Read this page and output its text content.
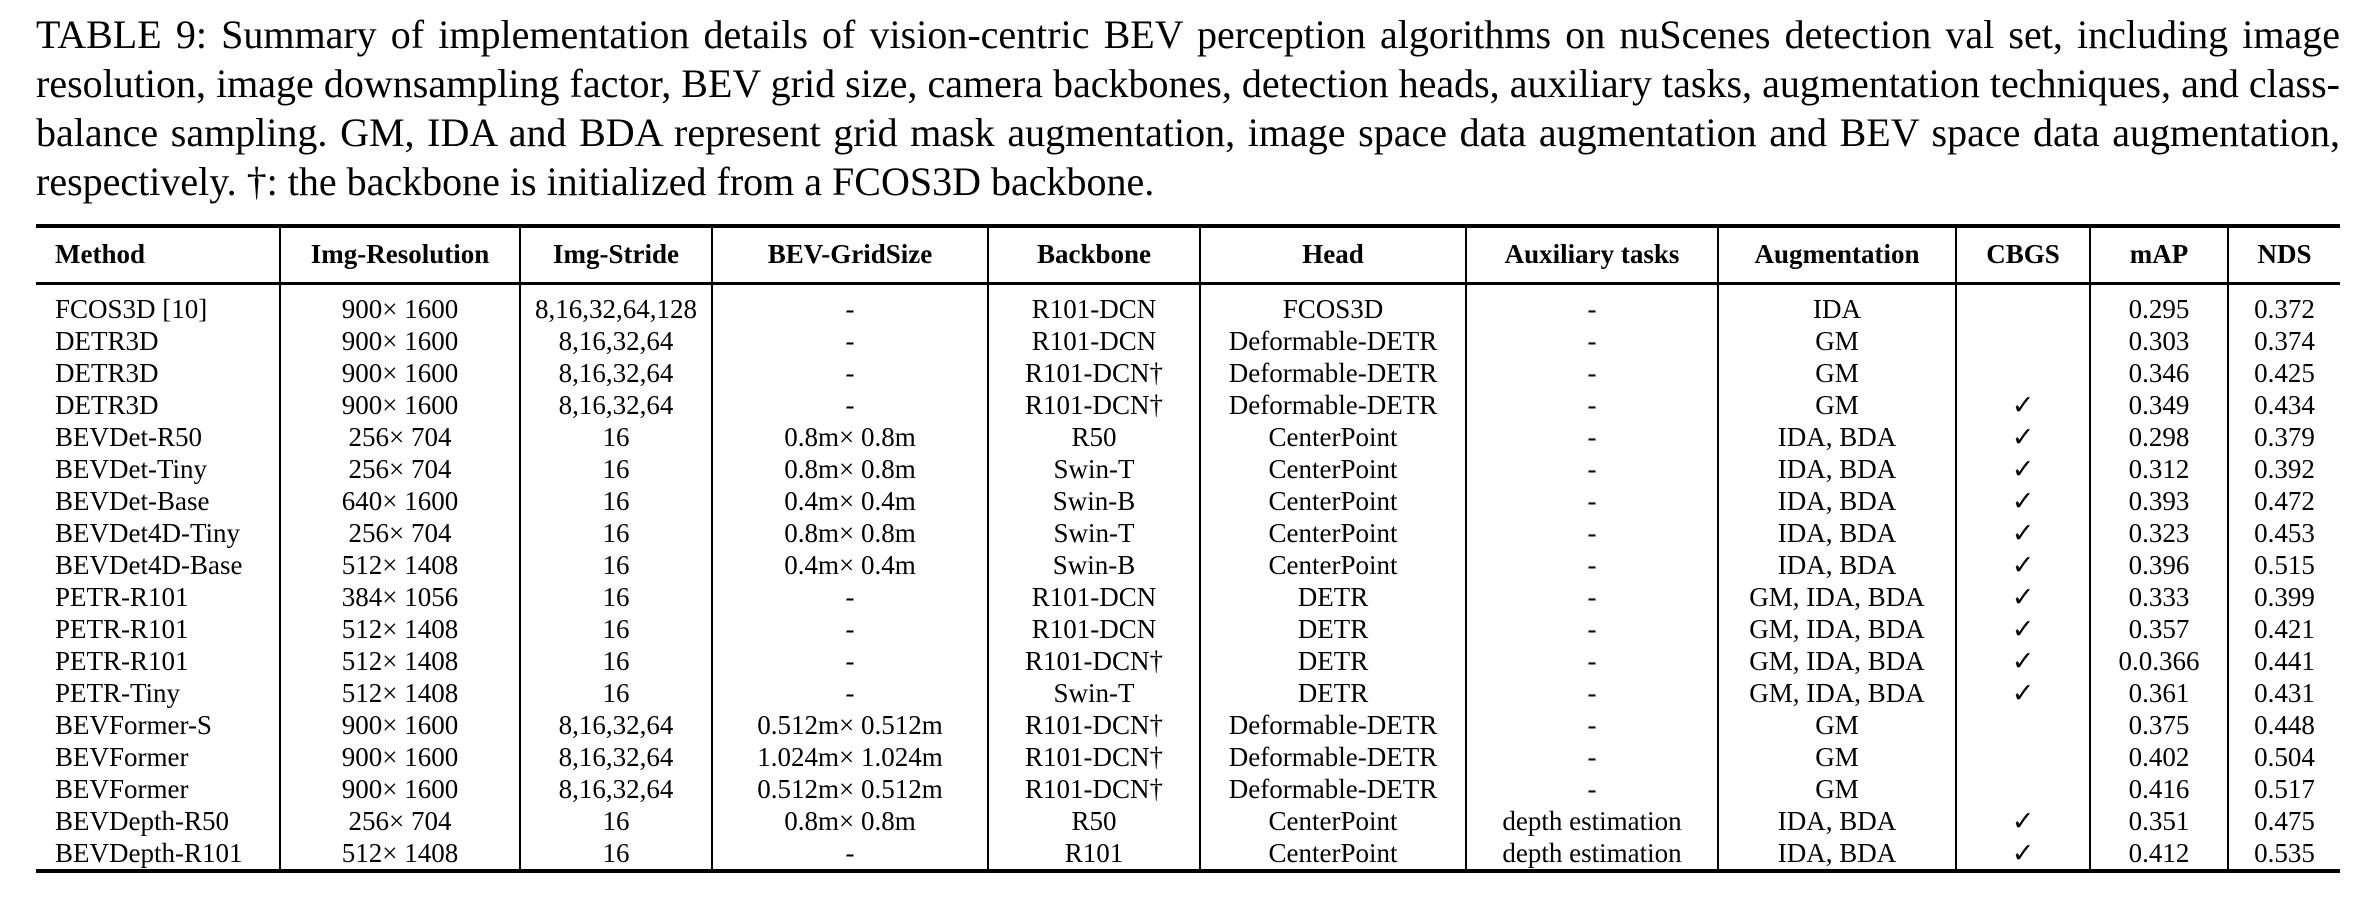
TABLE 9: Summary of implementation details of vision-centric BEV perception algorithms on nuScenes detection val set, including image resolution, image downsampling factor, BEV grid size, camera backbones, detection heads, auxiliary tasks, augmentation techniques, and class-balance sampling. GM, IDA and BDA represent grid mask augmentation, image space data augmentation and BEV space data augmentation, respectively. †: the backbone is initialized from a FCOS3D backbone.

Method	Img-Resolution	Img-Stride	BEV-GridSize	Backbone	Head	Auxiliary tasks	Augmentation	CBGS	mAP	NDS
FCOS3D [10]	900× 1600	8,16,32,64,128	-	R101-DCN	FCOS3D	-	IDA		0.295	0.372
DETR3D	900× 1600	8,16,32,64	-	R101-DCN	Deformable-DETR	-	GM		0.303	0.374
DETR3D	900× 1600	8,16,32,64	-	R101-DCN†	Deformable-DETR	-	GM		0.346	0.425
DETR3D	900× 1600	8,16,32,64	-	R101-DCN†	Deformable-DETR	-	GM	✓	0.349	0.434
BEVDet-R50	256× 704	16	0.8m× 0.8m	R50	CenterPoint	-	IDA, BDA	✓	0.298	0.379
BEVDet-Tiny	256× 704	16	0.8m× 0.8m	Swin-T	CenterPoint	-	IDA, BDA	✓	0.312	0.392
BEVDet-Base	640× 1600	16	0.4m× 0.4m	Swin-B	CenterPoint	-	IDA, BDA	✓	0.393	0.472
BEVDet4D-Tiny	256× 704	16	0.8m× 0.8m	Swin-T	CenterPoint	-	IDA, BDA	✓	0.323	0.453
BEVDet4D-Base	512× 1408	16	0.4m× 0.4m	Swin-B	CenterPoint	-	IDA, BDA	✓	0.396	0.515
PETR-R101	384× 1056	16	-	R101-DCN	DETR	-	GM, IDA, BDA	✓	0.333	0.399
PETR-R101	512× 1408	16	-	R101-DCN	DETR	-	GM, IDA, BDA	✓	0.357	0.421
PETR-R101	512× 1408	16	-	R101-DCN†	DETR	-	GM, IDA, BDA	✓	0.0.366	0.441
PETR-Tiny	512× 1408	16	-	Swin-T	DETR	-	GM, IDA, BDA	✓	0.361	0.431
BEVFormer-S	900× 1600	8,16,32,64	0.512m× 0.512m	R101-DCN†	Deformable-DETR	-	GM		0.375	0.448
BEVFormer	900× 1600	8,16,32,64	1.024m× 1.024m	R101-DCN†	Deformable-DETR	-	GM		0.402	0.504
BEVFormer	900× 1600	8,16,32,64	0.512m× 0.512m	R101-DCN†	Deformable-DETR	-	GM		0.416	0.517
BEVDepth-R50	256× 704	16	0.8m× 0.8m	R50	CenterPoint	depth estimation	IDA, BDA	✓	0.351	0.475
BEVDepth-R101	512× 1408	16	-	R101	CenterPoint	depth estimation	IDA, BDA	✓	0.412	0.535
